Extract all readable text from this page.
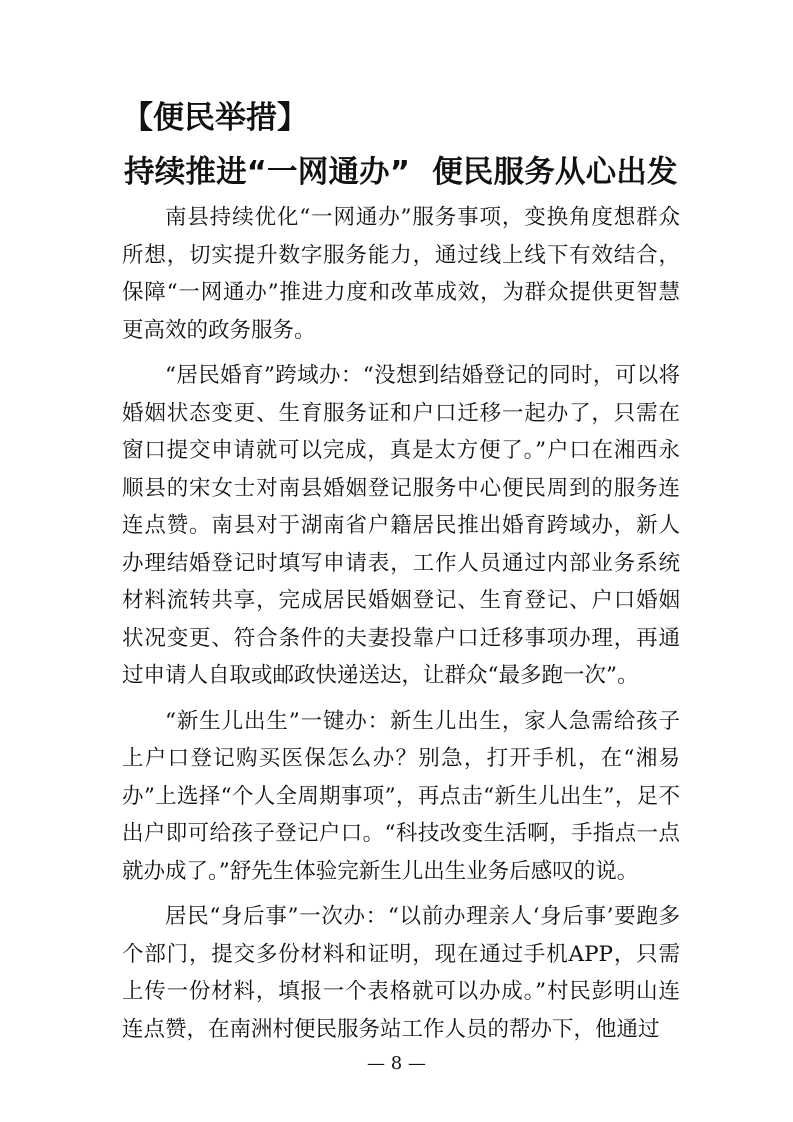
【便民举措】
持续推进“一网通办” 便民服务从心出发

南县持续优化“一网通办”服务事项，变换角度想群众所想，切实提升数字服务能力，通过线上线下有效结合，保障“一网通办”推进力度和改革成效，为群众提供更智慧更高效的政务服务。

“居民婚育”跨域办：“没想到结婚登记的同时，可以将婚姻状态变更、生育服务证和户口迁移一起办了，只需在窗口提交申请就可以完成，真是太方便了。”户口在湘西永顺县的宋女士对南县婚姻登记服务中心便民周到的服务连连点赞。南县对于湖南省户籍居民推出婚育跨域办，新人办理结婚登记时填写申请表，工作人员通过内部业务系统材料流转共享，完成居民婚姻登记、生育登记、户口婚姻状况变更、符合条件的夫妻投靠户口迁移事项办理，再通过申请人自取或邮政快递送达，让群众“最多跑一次”。

“新生儿出生”一键办：新生儿出生，家人急需给孩子上户口登记购买医保怎么办？别急，打开手机，在“湘易办”上选择“个人全周期事项”，再点击“新生儿出生”，足不出户即可给孩子登记户口。“科技改变生活啊，手指点一点就办成了。”舒先生体验完新生儿出生业务后感叹的说。

居民“身后事”一次办：“以前办理亲人‘身后事’要跑多个部门，提交多份材料和证明，现在通过手机APP，只需上传一份材料，填报一个表格就可以办成。”村民彭明山连连点赞，在南洲村便民服务站工作人员的帮办下，他通过

— 8 —
